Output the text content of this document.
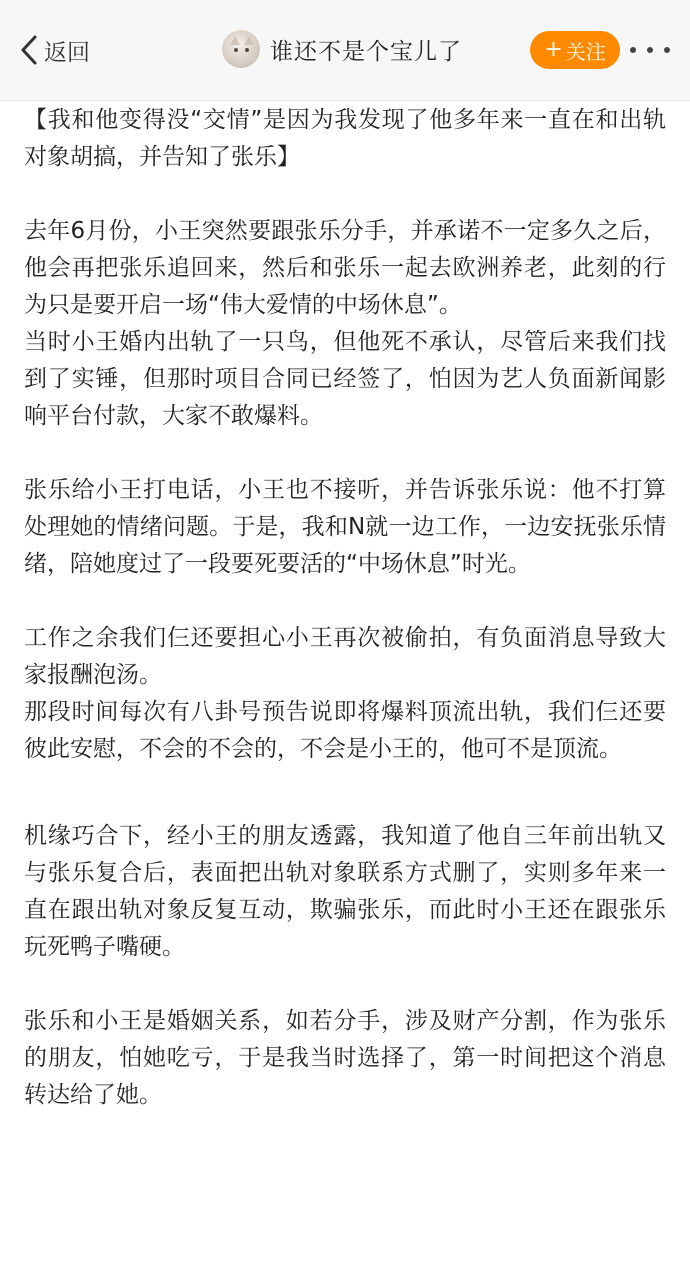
返回	谁还不是个宝儿了	+ 关注

【我和他变得没“交情”是因为我发现了他多年来一直在和出轨对象胡搞，并告知了张乐】

去年6月份，小王突然要跟张乐分手，并承诺不一定多久之后，他会再把张乐追回来，然后和张乐一起去欧洲养老，此刻的行为只是要开启一场“伟大爱情的中场休息”。

当时小王婚内出轨了一只鸟，但他死不承认，尽管后来我们找到了实锤，但那时项目合同已经签了，怕因为艺人负面新闻影响平台付款，大家不敢爆料。

张乐给小王打电话，小王也不接听，并告诉张乐说：他不打算处理她的情绪问题。于是，我和N就一边工作，一边安抚张乐情绪，陪她度过了一段要死要活的“中场休息”时光。

工作之余我们仨还要担心小王再次被偷拍，有负面消息导致大家报酬泡汤。

那段时间每次有八卦号预告说即将爆料顶流出轨，我们仨还要彼此安慰，不会的不会的，不会是小王的，他可不是顶流。

机缘巧合下，经小王的朋友透露，我知道了他自三年前出轨又与张乐复合后，表面把出轨对象联系方式删了，实则多年来一直在跟出轨对象反复互动，欺骗张乐，而此时小王还在跟张乐玩死鸭子嘴硬。

张乐和小王是婚姻关系，如若分手，涉及财产分割，作为张乐的朋友，怕她吃亏，于是我当时选择了，第一时间把这个消息转达给了她。
